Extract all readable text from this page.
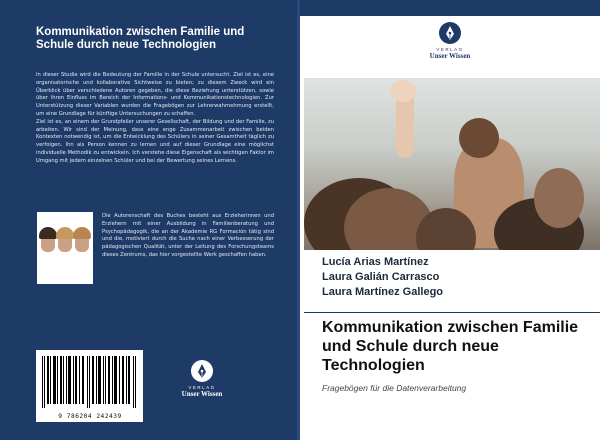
Kommunikation zwischen Familie und Schule durch neue Technologien

In dieser Studie wird die Bedeutung der Familie in der Schule untersucht. Ziel ist es, eine organisatorische und kollaborative Sichtweise zu bieten; zu diesem Zweck wird ein Überblick über verschiedene Autoren gegeben, die diese Beziehung unterstützen, sowie über ihren Einfluss im Bereich der Informations- und Kommunikationstechnologien. Zur Unterstützung dieser Variablen wurden die Fragebögen zur Lehrerwahrnehmung erstellt, um eine Grundlage für künftige Untersuchungen zu schaffen.

Ziel ist es, an einem der Grundpfeiler unserer Gesellschaft, der Bildung und der Familie, zu arbeiten. Wir sind der Meinung, dass eine enge Zusammenarbeit zwischen beiden Kontexten notwendig ist, um die Entwicklung des Schülers in seiner Gesamtheit täglich zu verfolgen. Ihn als Person kennen zu lernen und auf dieser Grundlage eine möglichst individuelle Methodik zu entwickeln. Ich verstehe diese Eigenschaft als wichtigen Faktor im Umgang mit jedem einzelnen Schüler und bei der Bewertung seines Lernens.

Die Autorenschaft des Buches besteht aus Erzieherinnen und Erziehern mit einer Ausbildung in Familienberatung und Psychopädagogik, die an der Akademie RG Formación tätig sind und die, motiviert durch die Suche nach einer Verbesserung der pädagogischen Qualität, unter der Leitung des Forschungsteams dieses Zentrums, das hier vorgestellte Werk geschaffen haben.

9 786204 242439
VERLAG
Unser Wissen
VERLAG
Unser Wissen
Lucía Arias Martínez
Laura Galián Carrasco
Laura Martínez Gallego
Kommunikation zwischen Familie und Schule durch neue Technologien
Fragebögen für die Datenverarbeitung
